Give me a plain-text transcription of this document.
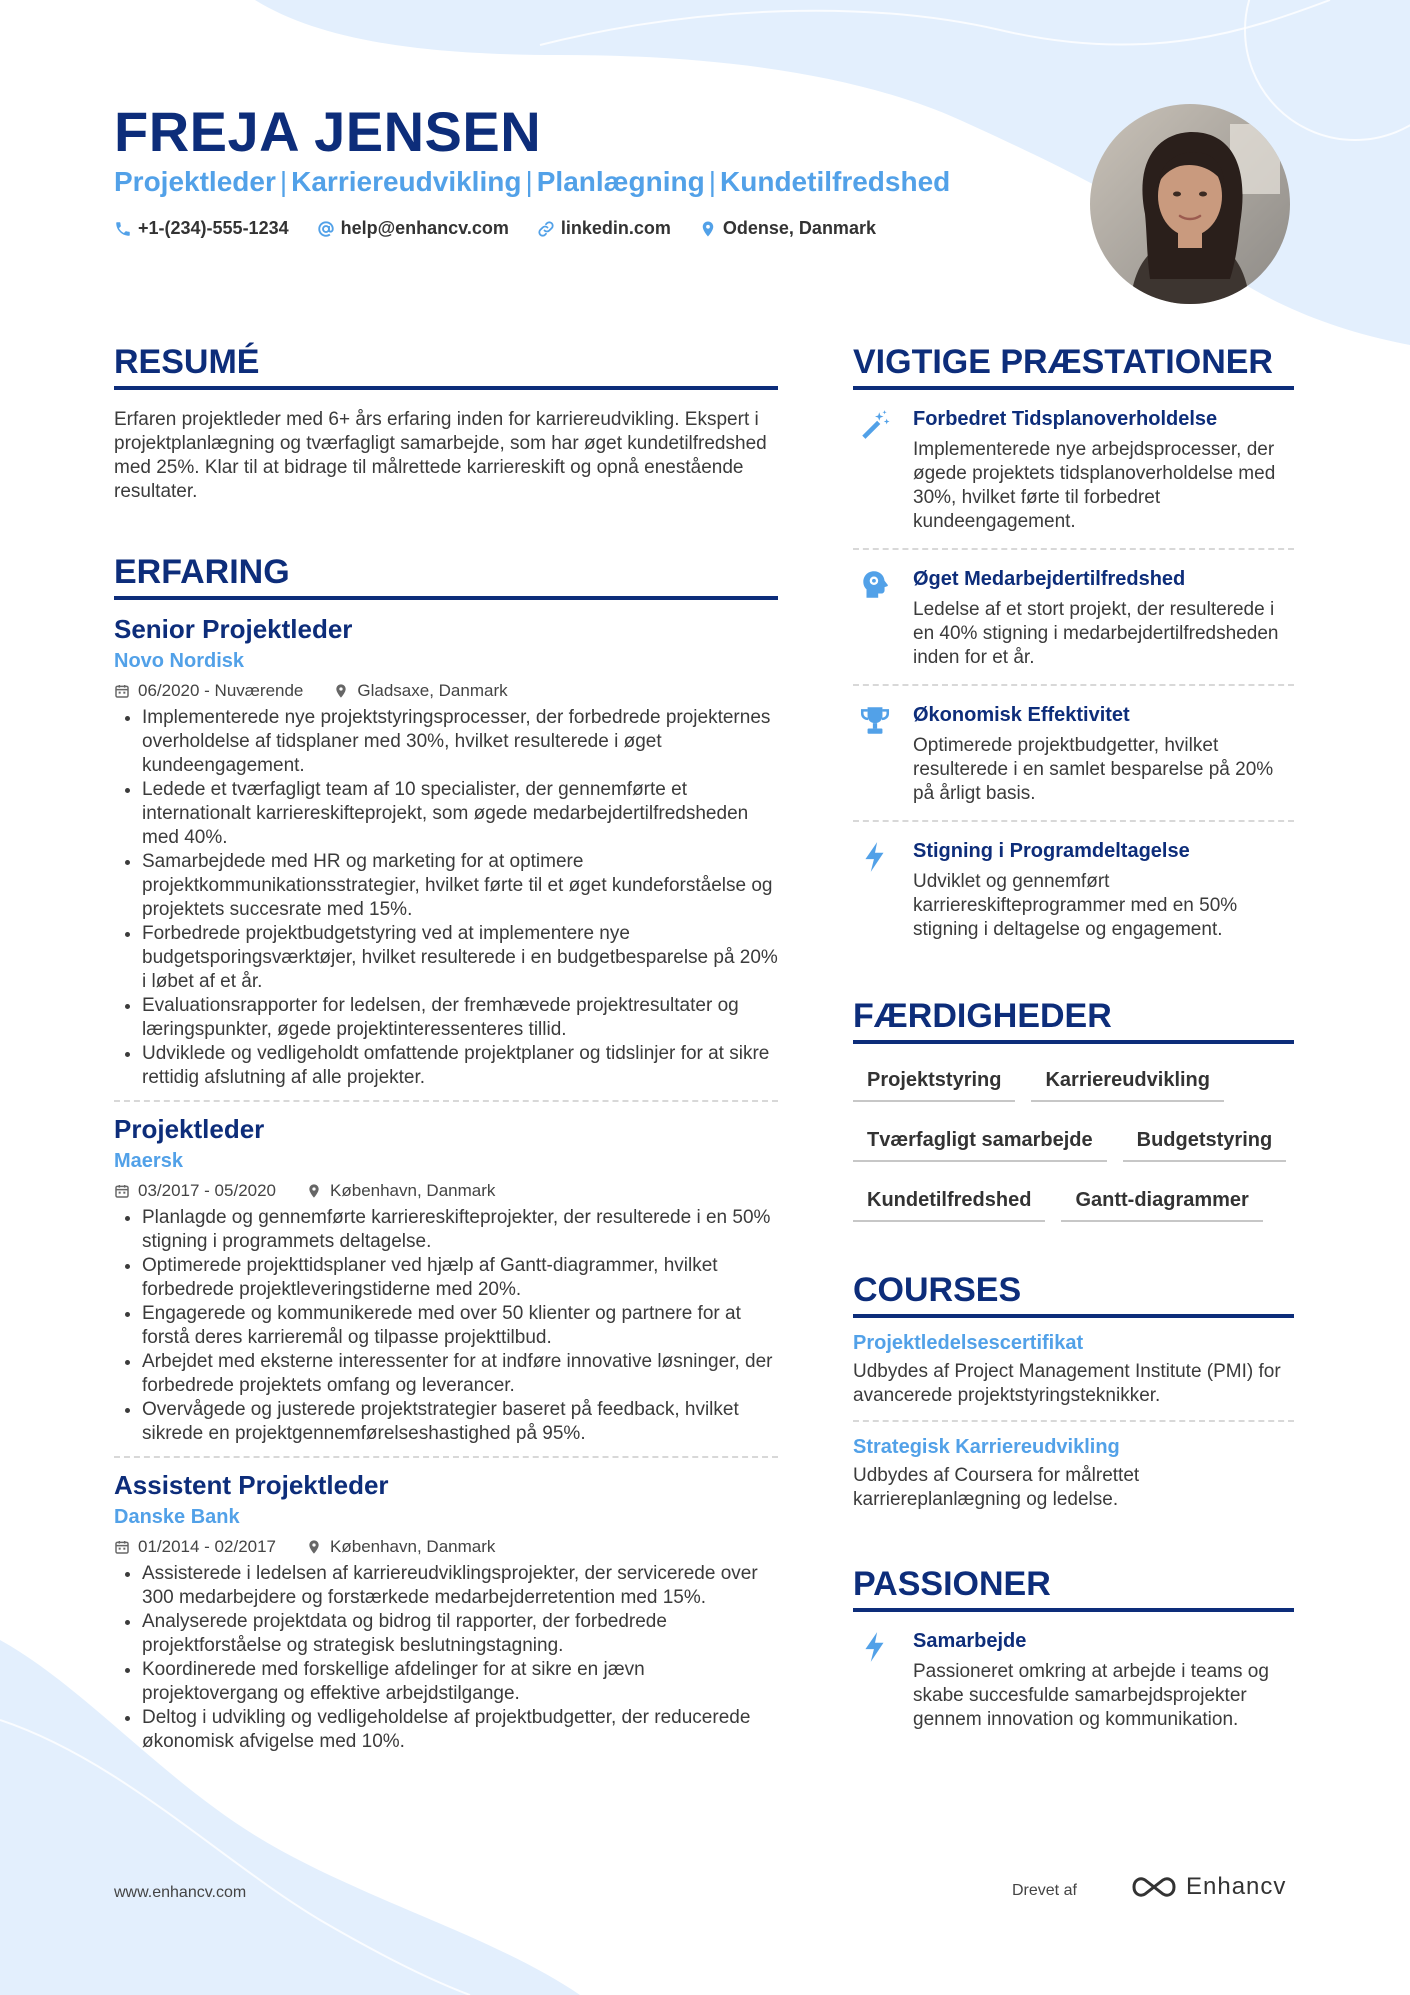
FREJA JENSEN
Projektleder | Karriereudvikling | Planlægning | Kundetilfredshed
+1-(234)-555-1234	help@enhancv.com	linkedin.com	Odense, Danmark
RESUMÉ

Erfaren projektleder med 6+ års erfaring inden for karriereudvikling. Ekspert i projektplanlægning og tværfagligt samarbejde, som har øget kundetilfredshed med 25%. Klar til at bidrage til målrettede karriereskift og opnå enestående resultater.

ERFARING
Senior Projektleder
Novo Nordisk
06/2020 - Nuværende	Gladsaxe, Danmark
• Implementerede nye projektstyringsprocesser, der forbedrede projekternes overholdelse af tidsplaner med 30%, hvilket resulterede i øget kundeengagement.
• Ledede et tværfagligt team af 10 specialister, der gennemførte et internationalt karriereskifteprojekt, som øgede medarbejdertilfredsheden med 40%.
• Samarbejdede med HR og marketing for at optimere projektkommunikationsstrategier, hvilket førte til et øget kundeforståelse og projektets succesrate med 15%.
• Forbedrede projektbudgetstyring ved at implementere nye budgetsporingsværktøjer, hvilket resulterede i en budgetbesparelse på 20% i løbet af et år.
• Evaluationsrapporter for ledelsen, der fremhævede projektresultater og læringspunkter, øgede projektinteressenteres tillid.
• Udviklede og vedligeholdt omfattende projektplaner og tidslinjer for at sikre rettidig afslutning af alle projekter.
Projektleder
Maersk
03/2017 - 05/2020	København, Danmark
• Planlagde og gennemførte karriereskifteprojekter, der resulterede i en 50% stigning i programmets deltagelse.
• Optimerede projekttidsplaner ved hjælp af Gantt-diagrammer, hvilket forbedrede projektleveringstiderne med 20%.
• Engagerede og kommunikerede med over 50 klienter og partnere for at forstå deres karrieremål og tilpasse projekttilbud.
• Arbejdet med eksterne interessenter for at indføre innovative løsninger, der forbedrede projektets omfang og leverancer.
• Overvågede og justerede projektstrategier baseret på feedback, hvilket sikrede en projektgennemførelseshastighed på 95%.
Assistent Projektleder
Danske Bank
01/2014 - 02/2017	København, Danmark
• Assisterede i ledelsen af karriereudviklingsprojekter, der servicerede over 300 medarbejdere og forstærkede medarbejderretention med 15%.
• Analyserede projektdata og bidrog til rapporter, der forbedrede projektforståelse og strategisk beslutningstagning.
• Koordinerede med forskellige afdelinger for at sikre en jævn projektovergang og effektive arbejdstilgange.
• Deltog i udvikling og vedligeholdelse af projektbudgetter, der reducerede økonomisk afvigelse med 10%.
VIGTIGE PRÆSTATIONER
Forbedret Tidsplanoverholdelse
Implementerede nye arbejdsprocesser, der øgede projektets tidsplanoverholdelse med 30%, hvilket førte til forbedret kundeengagement.
Øget Medarbejdertilfredshed
Ledelse af et stort projekt, der resulterede i en 40% stigning i medarbejdertilfredsheden inden for et år.
Økonomisk Effektivitet
Optimerede projektbudgetter, hvilket resulterede i en samlet besparelse på 20% på årligt basis.
Stigning i Programdeltagelse
Udviklet og gennemført karriereskifteprogrammer med en 50% stigning i deltagelse og engagement.
FÆRDIGHEDER
Projektstyring	Karriereudvikling
Tværfagligt samarbejde	Budgetstyring
Kundetilfredshed	Gantt-diagrammer
COURSES
Projektledelsescertifikat
Udbydes af Project Management Institute (PMI) for avancerede projektstyringsteknikker.
Strategisk Karriereudvikling
Udbydes af Coursera for målrettet karriereplanlægning og ledelse.
PASSIONER
Samarbejde
Passioneret omkring at arbejde i teams og skabe succesfulde samarbejdsprojekter gennem innovation og kommunikation.
www.enhancv.com	Drevet af	Enhancv
